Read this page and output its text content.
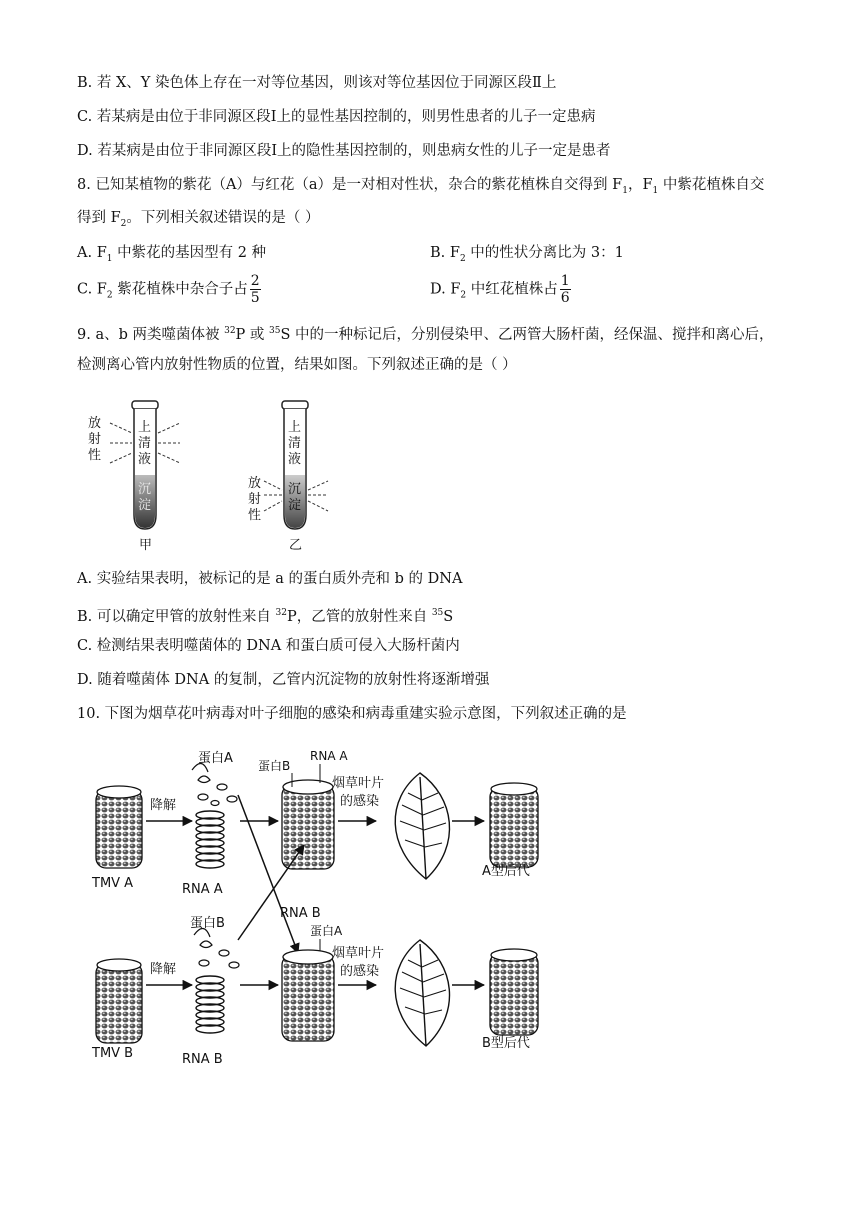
B. 若 X、Y 染色体上存在一对等位基因，则该对等位基因位于同源区段Ⅱ上
C. 若某病是由位于非同源区段Ⅰ上的显性基因控制的，则男性患者的儿子一定患病
D. 若某病是由位于非同源区段Ⅰ上的隐性基因控制的，则患病女性的儿子一定是患者
8. 已知某植物的紫花（A）与红花（a）是一对相对性状，杂合的紫花植株自交得到 $F_1$，$F_1$ 中紫花植株自交
得到 $F_2$。下列相关叙述错误的是（ ）
A. $F_1$ 中紫花的基因型有 2 种	B. $F_2$ 中的性状分离比为 3：1
C. $F_2$ 紫花植株中杂合子占 $\frac{2}{5}$	D. $F_2$ 中红花植株占 $\frac{1}{6}$
9. a、b 两类噬菌体被 $^{32}$P 或 $^{35}$S 中的一种标记后，分别侵染甲、乙两管大肠杆菌，经保温、搅拌和离心后，
检测离心管内放射性物质的位置，结果如图。下列叙述正确的是（ ）
放
射
性
上
清
液
沉
淀
甲
放
射
性
上
清
液
沉
淀
乙
A. 实验结果表明，被标记的是 a 的蛋白质外壳和 b 的 DNA
B. 可以确定甲管的放射性来自 $^{32}$P，乙管的放射性来自 $^{35}$S
C. 检测结果表明噬菌体的 DNA 和蛋白质可侵入大肠杆菌内
D. 随着噬菌体 DNA 的复制，乙管内沉淀物的放射性将逐渐增强
10. 下图为烟草花叶病毒对叶子细胞的感染和病毒重建实验示意图，下列叙述正确的是
TMV A
降解
蛋白A
RNA A
蛋白B
RNA A
烟草叶片
的感染
A型后代
TMV B
降解
蛋白B
RNA B
RNA B
蛋白A
烟草叶片
的感染
B型后代
